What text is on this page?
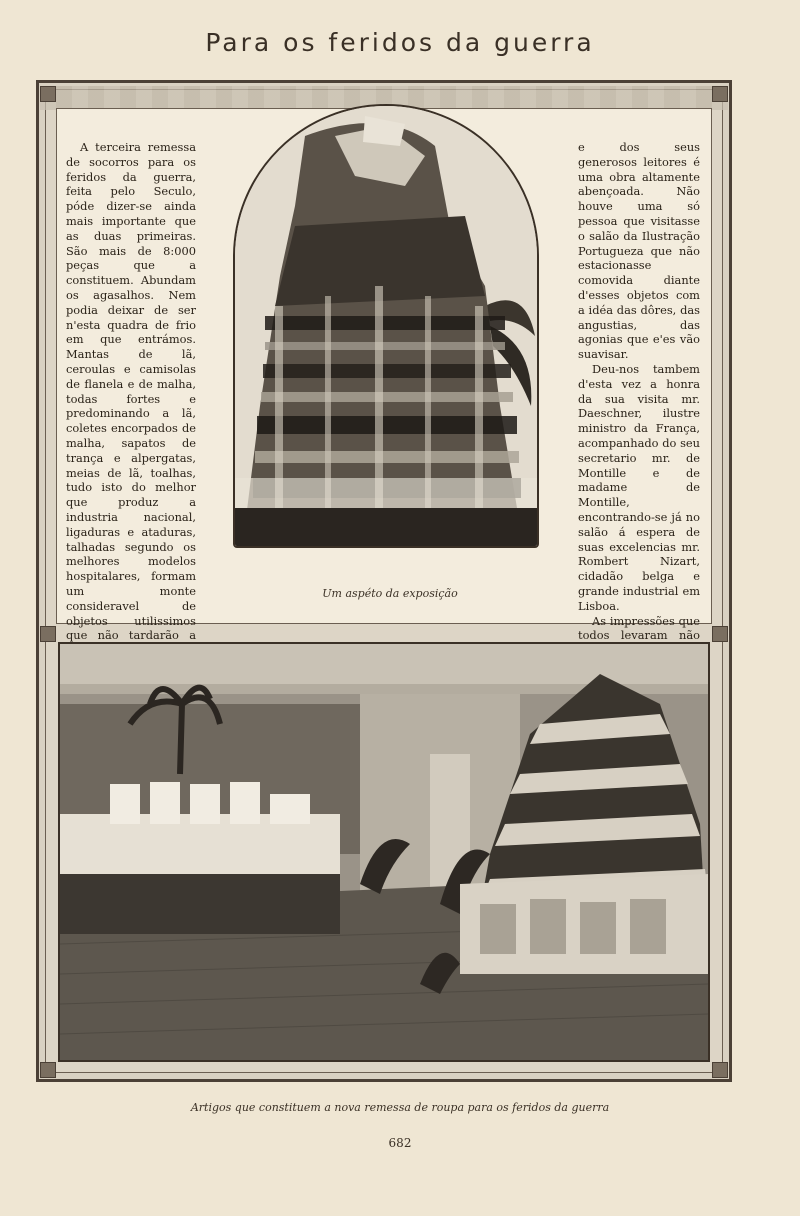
Para os feridos da guerra

A terceira remessa de socorros para os feridos da guerra, feita pelo Seculo, póde dizer-se ainda mais importante que as duas primeiras. São mais de 8:000 peças que a constituem. Abundam os agasalhos. Nem podia deixar de ser n'esta quadra de frio em que entrámos. Mantas de lã, ceroulas e camisolas de flanela e de malha, todas fortes e predominando a lã, coletes encorpados de malha, sapatos de trança e alpergatas, meias de lã, toalhas, tudo isto do melhor que produz a industria nacional, ligaduras e ataduras, talhadas segundo os melhores modelos hospitalares, formam um monte consideravel de objetos utilissimos que não tardarão a

Um aspéto da exposição

e dos seus generosos leitores é uma obra altamente abençoada. Não houve uma só pessoa que visitasse o salão da Ilustração Portugueza que não estacionasse comovida diante d'esses objetos com a idéa das dôres, das angustias, das agonias que e'es vão suavisar.

Deu-nos tambem d'esta vez a honra da sua visita mr. Daeschner, ilustre ministro da França, acompanhado do seu secretario mr. de Montille e de madame de Montille, encontrando-se já no salão á espera de suas excelencias mr. Rombert Nizart, cidadão belga e grande industrial em Lisboa.

As impressões que todos levaram não

Artigos que constituem a nova remessa de roupa para os feridos da guerra
682
